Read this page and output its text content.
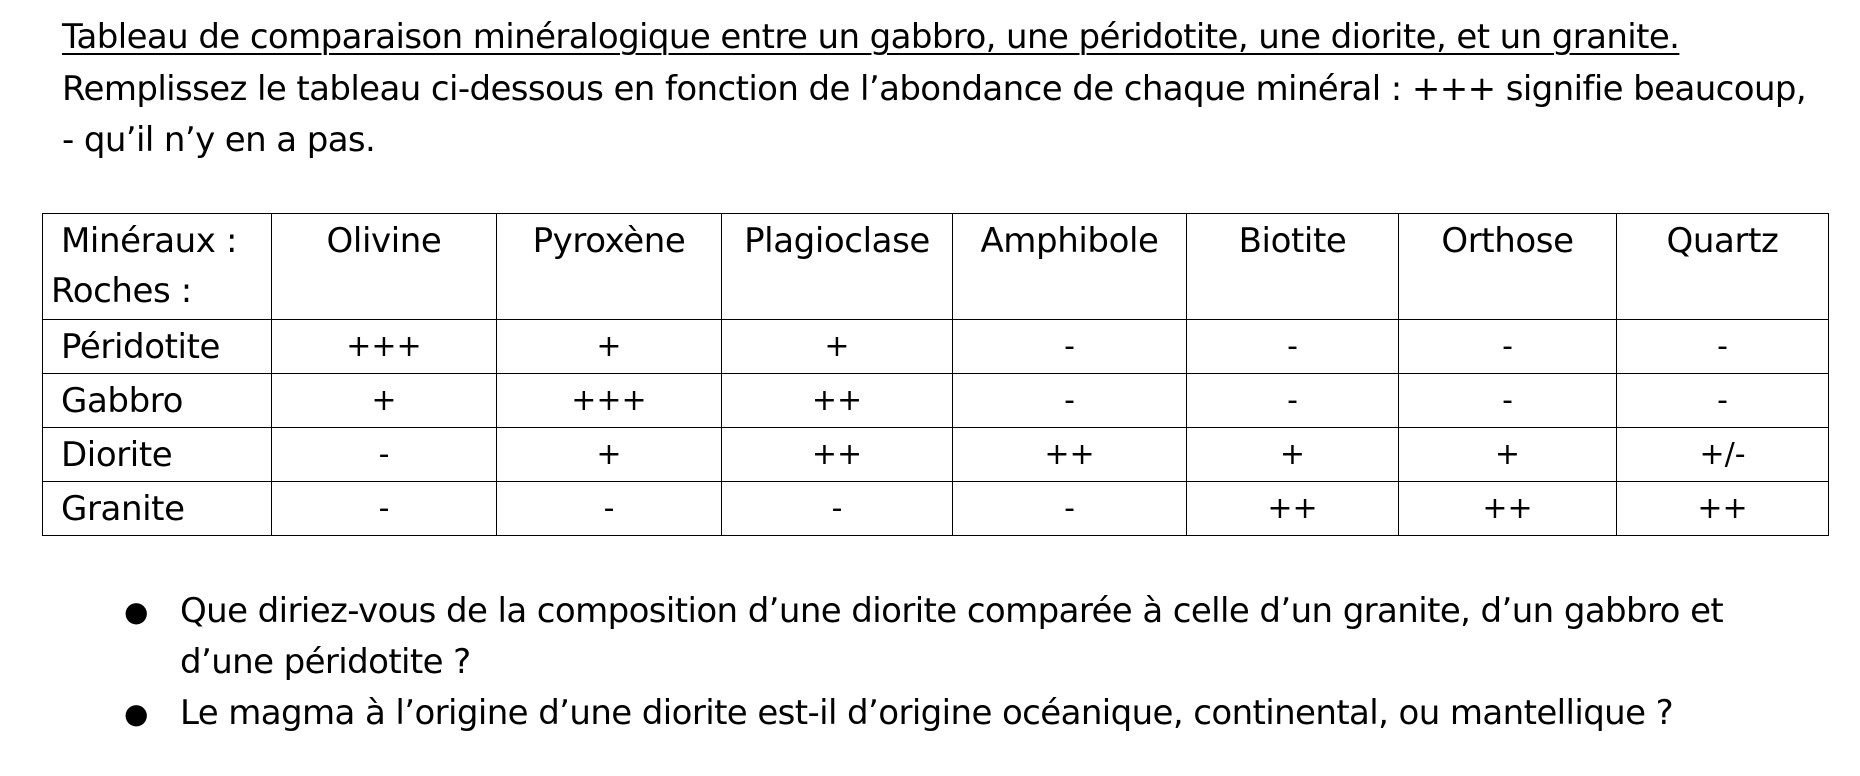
Tableau de comparaison minéralogique entre un gabbro, une péridotite, une diorite, et un granite.
Remplissez le tableau ci-dessous en fonction de l’abondance de chaque minéral : +++ signifie beaucoup, - qu’il n’y en a pas.
Minéraux :
Roches :	Olivine	Pyroxène	Plagioclase	Amphibole	Biotite	Orthose	Quartz
Péridotite	+++	+	+	-	-	-	-
Gabbro	+	+++	++	-	-	-	-
Diorite	-	+	++	++	+	+	+/-
Granite	-	-	-	-	++	++	++
● Que diriez-vous de la composition d’une diorite comparée à celle d’un granite, d’un gabbro et d’une péridotite ?
● Le magma à l’origine d’une diorite est-il d’origine océanique, continental, ou mantellique ?
